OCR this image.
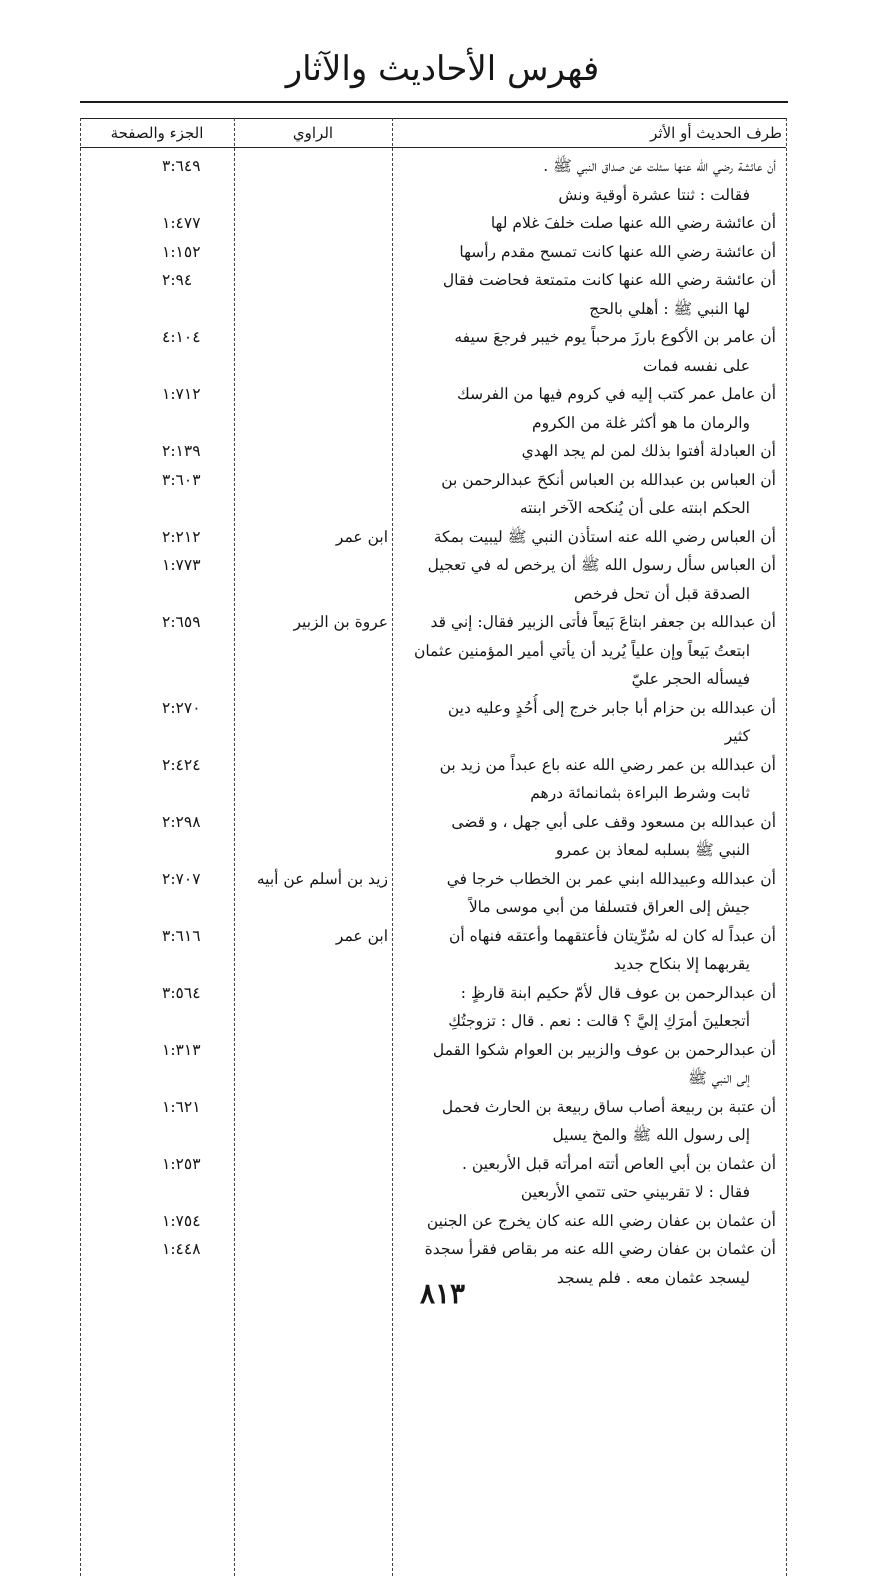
فهرس الأحاديث والآثار
طرف الحديث أو الأثر
الراوي
الجزء والصفحة
أن عائشة رضي الله عنها سئلت عن صداق النبي ﷺ .
فقالت : ثنتا عشرة أوقية ونش
٣:٦٤٩
أن عائشة رضي الله عنها صلت خلفَ غلام لها
١:٤٧٧
أن عائشة رضي الله عنها كانت تمسح مقدم رأسها
١:١٥٢
أن عائشة رضي الله عنها كانت متمتعة فحاضت فقال
لها النبي ﷺ : أهلي بالحج
٢:٩٤
أن عامر بن الأكوع بارزَ مرحباً يوم خيبر فرجعَ سيفه
على نفسه فمات
٤:١٠٤
أن عامل عمر كتب إليه في كروم فيها من الفرسك
والرمان ما هو أكثر غلة من الكروم
١:٧١٢
أن العبادلة أفتوا بذلك لمن لم يجد الهدي
٢:١٣٩
أن العباس بن عبدالله بن العباس أنكحَ عبدالرحمن بن
الحكم ابنته على أن يُنكحه الآخر ابنته
٣:٦٠٣
أن العباس رضي الله عنه استأذن النبي ﷺ ليبيت بمكة
ابن عمر
٢:٢١٢
أن العباس سأل رسول الله ﷺ أن يرخص له في تعجيل
الصدقة قبل أن تحل فرخص
١:٧٧٣
أن عبدالله بن جعفر ابتاعَ بَيعاً فأتى الزبير فقال: إني قد
ابتعتُ بَيعاً وإن علياً يُريد أن يأتي أمير المؤمنين عثمان
فيسأله الحجر عليّ
عروة بن الزبير
٢:٦٥٩
أن عبدالله بن حزام أبا جابر خرج إلى أُحُدٍ وعليه دين
كثير
٢:٢٧٠
أن عبدالله بن عمر رضي الله عنه باع عبداً من زيد بن
ثابت وشرط البراءة بثمانمائة درهم
٢:٤٢٤
أن عبدالله بن مسعود وقف على أبي جهل ، و قضى
النبي ﷺ بسلبه لمعاذ بن عمرو
٢:٢٩٨
أن عبدالله وعبيدالله ابني عمر بن الخطاب خرجا في
جيش إلى العراق فتسلفا من أبي موسى مالاً
زيد بن أسلم عن أبيه
٢:٧٠٧
أن عبداً له كان له سُرِّيتان فأعتقهما وأعتقه فنهاه أن
يقربهما إلا بنكاح جديد
ابن عمر
٣:٦١٦
أن عبدالرحمن بن عوف قال لأمّ حكيم ابنة قارظٍ :
أتجعلينَ أمرَكِ إليَّ ؟ قالت : نعم . قال : تزوجتُكِ
٣:٥٦٤
أن عبدالرحمن بن عوف والزبير بن العوام شكوا القمل
إلى النبي ﷺ
١:٣١٣
أن عتبة بن ربيعة أصاب ساق ربيعة بن الحارث فحمل
إلى رسول الله ﷺ والمخ يسيل
١:٦٢١
أن عثمان بن أبي العاص أتته امرأته قبل الأربعين .
فقال : لا تقربيني حتى تتمي الأربعين
١:٢٥٣
أن عثمان بن عفان رضي الله عنه كان يخرج عن الجنين
١:٧٥٤
أن عثمان بن عفان رضي الله عنه مر بقاص فقرأ سجدة
ليسجد عثمان معه . فلم يسجد
١:٤٤٨
٨١٣
